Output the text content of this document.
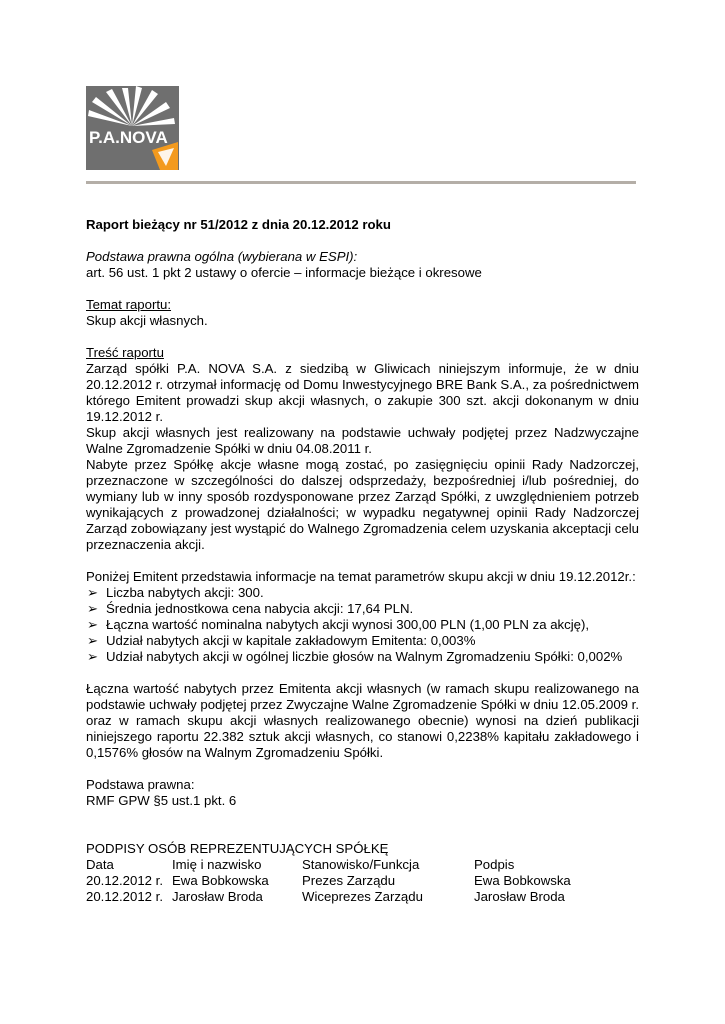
P.A.NOVA
Raport bieżący nr 51/2012 z dnia 20.12.2012 roku
Podstawa prawna ogólna (wybierana w ESPI):
art. 56 ust. 1 pkt 2 ustawy o ofercie – informacje bieżące i okresowe
Temat raportu:
Skup akcji własnych.
Treść raportu
Zarząd spółki P.A. NOVA S.A. z siedzibą w Gliwicach niniejszym informuje, że w dniu 20.12.2012 r. otrzymał informację od Domu Inwestycyjnego BRE Bank S.A., za pośrednictwem którego Emitent prowadzi skup akcji własnych, o zakupie 300 szt. akcji dokonanym w dniu 19.12.2012 r.
Skup akcji własnych jest realizowany na podstawie uchwały podjętej przez Nadzwyczajne Walne Zgromadzenie Spółki w dniu 04.08.2011 r.
Nabyte przez Spółkę akcje własne mogą zostać, po zasięgnięciu opinii Rady Nadzorczej, przeznaczone w szczególności do dalszej odsprzedaży, bezpośredniej i/lub pośredniej, do wymiany lub w inny sposób rozdysponowane przez Zarząd Spółki, z uwzględnieniem potrzeb wynikających z prowadzonej działalności; w wypadku negatywnej opinii Rady Nadzorczej Zarząd zobowiązany jest wystąpić do Walnego Zgromadzenia celem uzyskania akceptacji celu przeznaczenia akcji.
Poniżej Emitent przedstawia informacje na temat parametrów skupu akcji w dniu 19.12.2012r.:
➢ Liczba nabytych akcji: 300.
➢ Średnia jednostkowa cena nabycia akcji: 17,64 PLN.
➢ Łączna wartość nominalna nabytych akcji wynosi 300,00 PLN (1,00 PLN za akcję),
➢ Udział nabytych akcji w kapitale zakładowym Emitenta: 0,003%
➢ Udział nabytych akcji w ogólnej liczbie głosów na Walnym Zgromadzeniu Spółki: 0,002%
Łączna wartość nabytych przez Emitenta akcji własnych (w ramach skupu realizowanego na podstawie uchwały podjętej przez Zwyczajne Walne Zgromadzenie Spółki w dniu 12.05.2009 r. oraz w ramach skupu akcji własnych realizowanego obecnie) wynosi na dzień publikacji niniejszego raportu 22.382 sztuk akcji własnych, co stanowi 0,2238% kapitału zakładowego i 0,1576% głosów na Walnym Zgromadzeniu Spółki.
Podstawa prawna:
RMF GPW §5 ust.1 pkt. 6
PODPISY OSÓB REPREZENTUJĄCYCH SPÓŁKĘ
Data	Imię i nazwisko	Stanowisko/Funkcja	Podpis
20.12.2012 r. Ewa Bobkowska	Prezes Zarządu	Ewa Bobkowska
20.12.2012 r. Jarosław Broda	Wiceprezes Zarządu	Jarosław Broda
